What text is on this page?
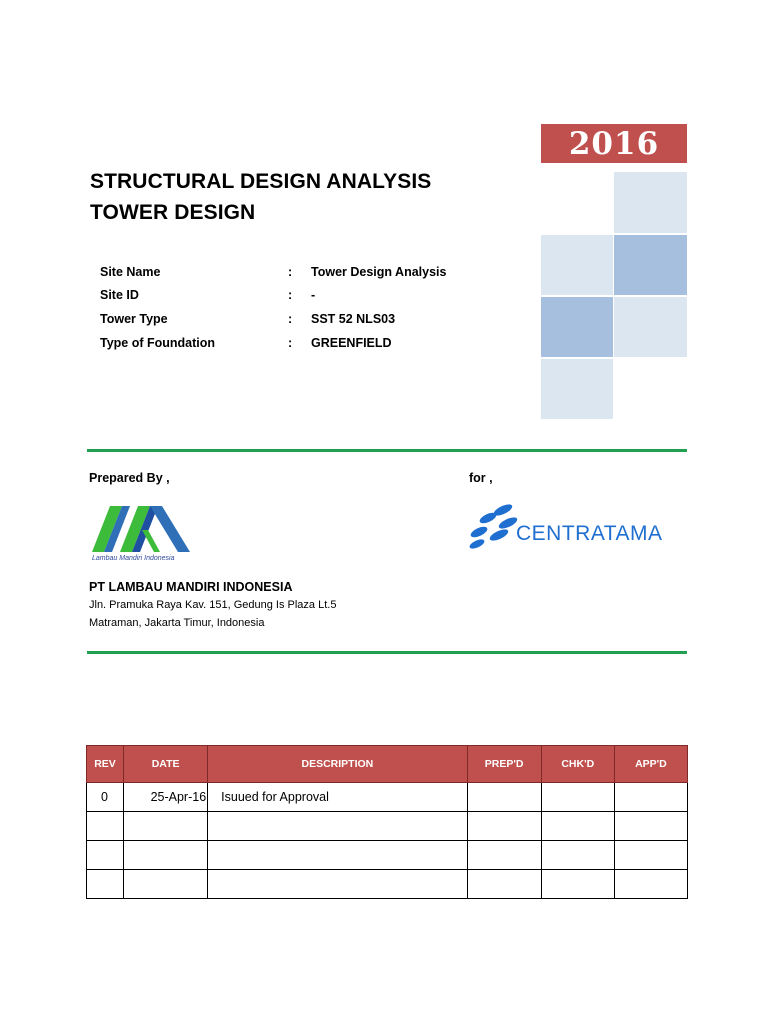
2016
STRUCTURAL DESIGN ANALYSIS
TOWER DESIGN
Site Name	: Tower Design Analysis
Site ID	: -
Tower Type	: SST 52 NLS03
Type of Foundation	: GREENFIELD
Prepared By ,	for ,
Lambau Mandiri Indonesia
CENTRATAMA
PT LAMBAU MANDIRI INDONESIA
Jln. Pramuka Raya Kav. 151, Gedung Is Plaza Lt.5
Matraman, Jakarta Timur, Indonesia
REV	DATE	DESCRIPTION	PREP'D	CHK'D	APP'D
0	25-Apr-16	Isuued for Approval			
